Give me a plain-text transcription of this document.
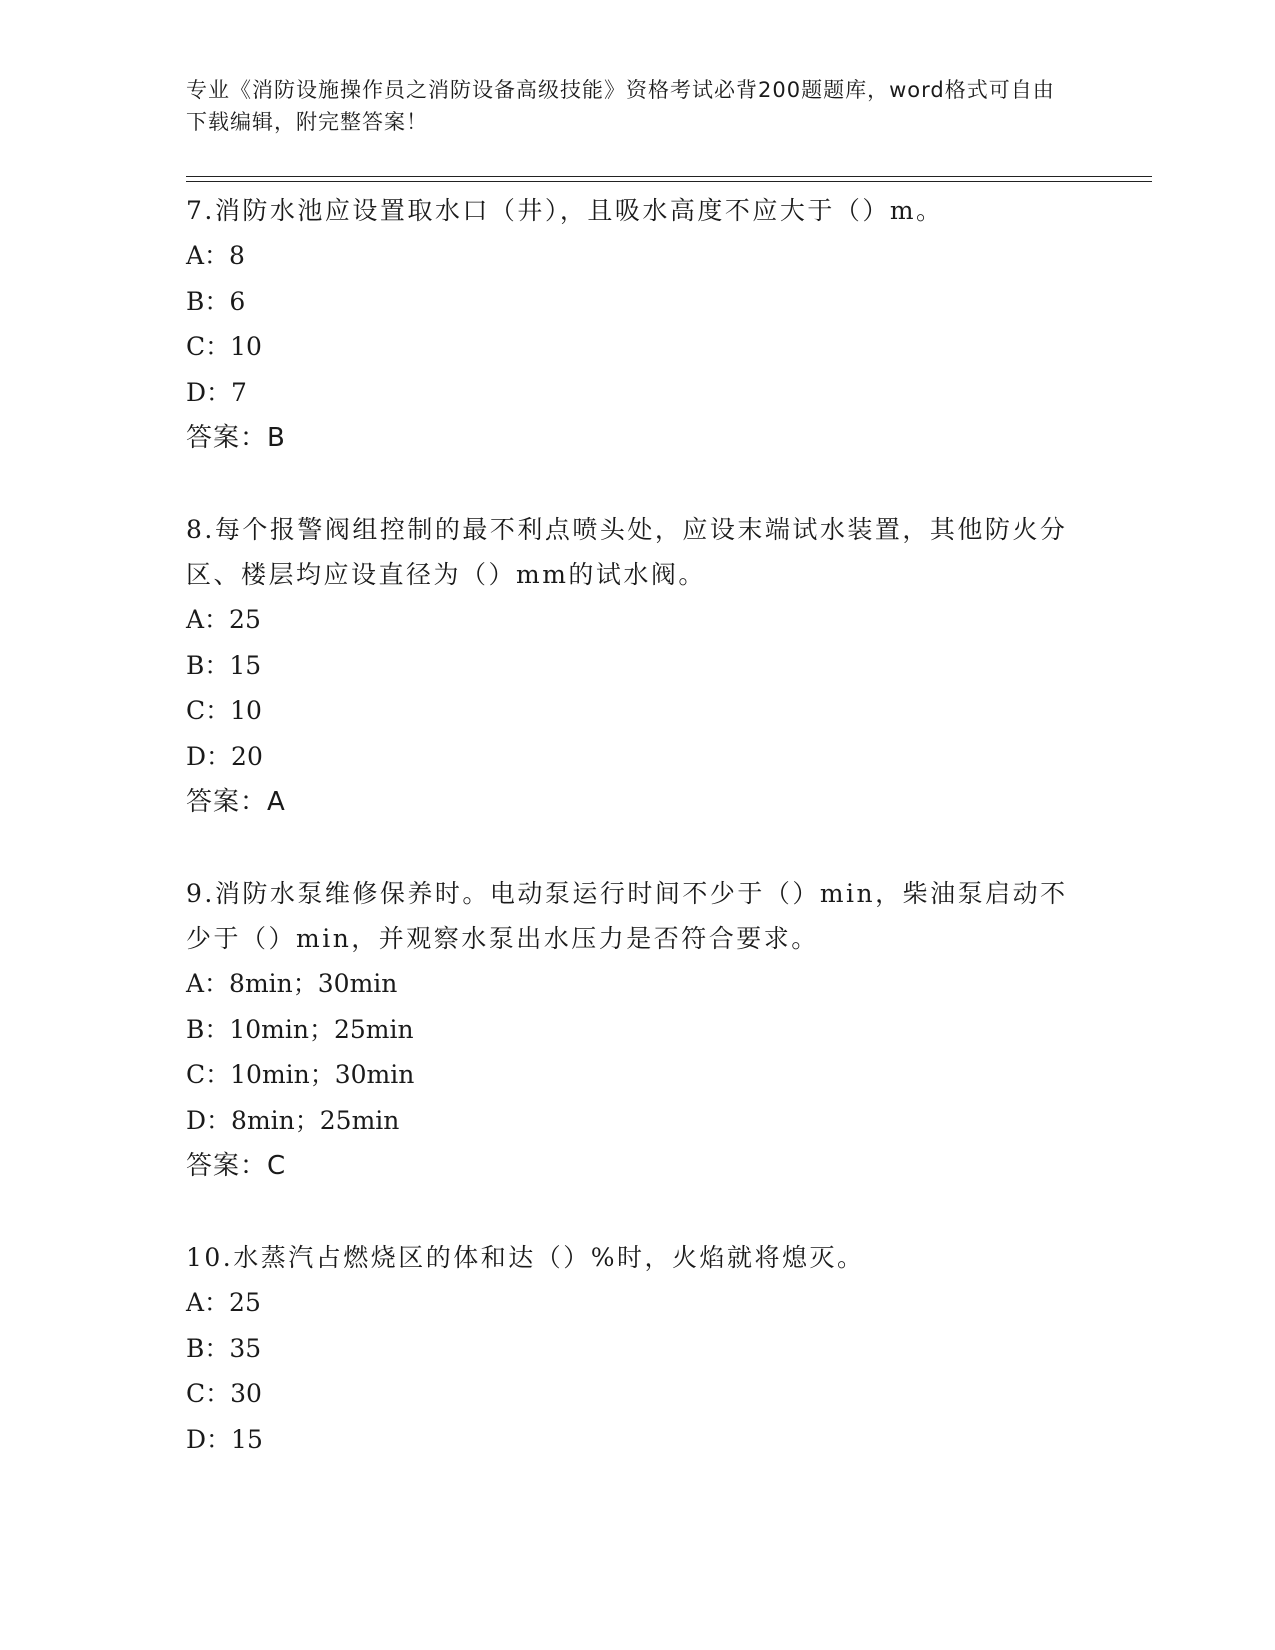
专业《消防设施操作员之消防设备高级技能》资格考试必背200题题库，word格式可自由下载编辑，附完整答案！
7.消防水池应设置取水口（井），且吸水高度不应大于（）m。
A：8
B：6
C：10
D：7
答案：B
8.每个报警阀组控制的最不利点喷头处，应设末端试水装置，其他防火分区、楼层均应设直径为（）mm的试水阀。
A：25
B：15
C：10
D：20
答案：A
9.消防水泵维修保养时。电动泵运行时间不少于（）min，柴油泵启动不少于（）min，并观察水泵出水压力是否符合要求。
A：8min；30min
B：10min；25min
C：10min；30min
D：8min；25min
答案：C
10.水蒸汽占燃烧区的体和达（）%时，火焰就将熄灭。
A：25
B：35
C：30
D：15
